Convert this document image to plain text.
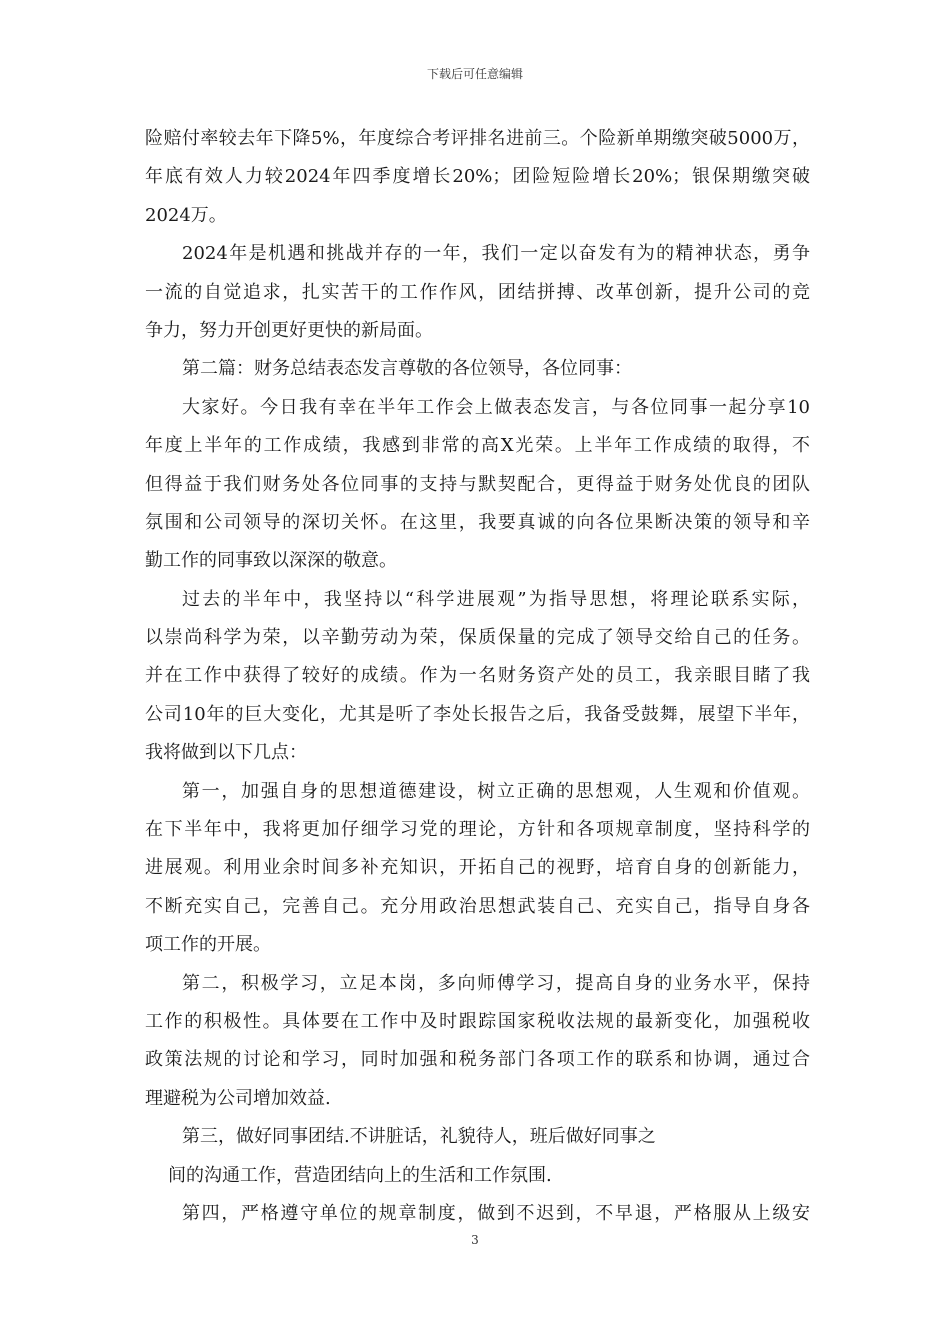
下载后可任意编辑
险赔付率较去年下降5%，年度综合考评排名进前三。个险新单期缴突破5000万，
年底有效人力较2024年四季度增长20%；团险短险增长20%；银保期缴突破
2024万。
2024年是机遇和挑战并存的一年，我们一定以奋发有为的精神状态，勇争
一流的自觉追求，扎实苦干的工作作风，团结拼搏、改革创新，提升公司的竞
争力，努力开创更好更快的新局面。
第二篇：财务总结表态发言尊敬的各位领导，各位同事：
大家好。今日我有幸在半年工作会上做表态发言，与各位同事一起分享10
年度上半年的工作成绩，我感到非常的高X光荣。上半年工作成绩的取得，不
但得益于我们财务处各位同事的支持与默契配合，更得益于财务处优良的团队
氛围和公司领导的深切关怀。在这里，我要真诚的向各位果断决策的领导和辛
勤工作的同事致以深深的敬意。
过去的半年中，我坚持以“科学进展观”为指导思想，将理论联系实际，
以崇尚科学为荣，以辛勤劳动为荣，保质保量的完成了领导交给自己的任务。
并在工作中获得了较好的成绩。作为一名财务资产处的员工，我亲眼目睹了我
公司10年的巨大变化，尤其是听了李处长报告之后，我备受鼓舞，展望下半年，
我将做到以下几点：
第一，加强自身的思想道德建设，树立正确的思想观，人生观和价值观。
在下半年中，我将更加仔细学习党的理论，方针和各项规章制度，坚持科学的
进展观。利用业余时间多补充知识，开拓自己的视野，培育自身的创新能力，
不断充实自己，完善自己。充分用政治思想武装自己、充实自己，指导自身各
项工作的开展。
第二，积极学习，立足本岗，多向师傅学习，提高自身的业务水平，保持
工作的积极性。具体要在工作中及时跟踪国家税收法规的最新变化，加强税收
政策法规的讨论和学习，同时加强和税务部门各项工作的联系和协调，通过合
理避税为公司增加效益.
第三，做好同事团结.不讲脏话，礼貌待人，班后做好同事之
间的沟通工作，营造团结向上的生活和工作氛围.
第四，严格遵守单位的规章制度，做到不迟到，不早退，严格服从上级安
3
